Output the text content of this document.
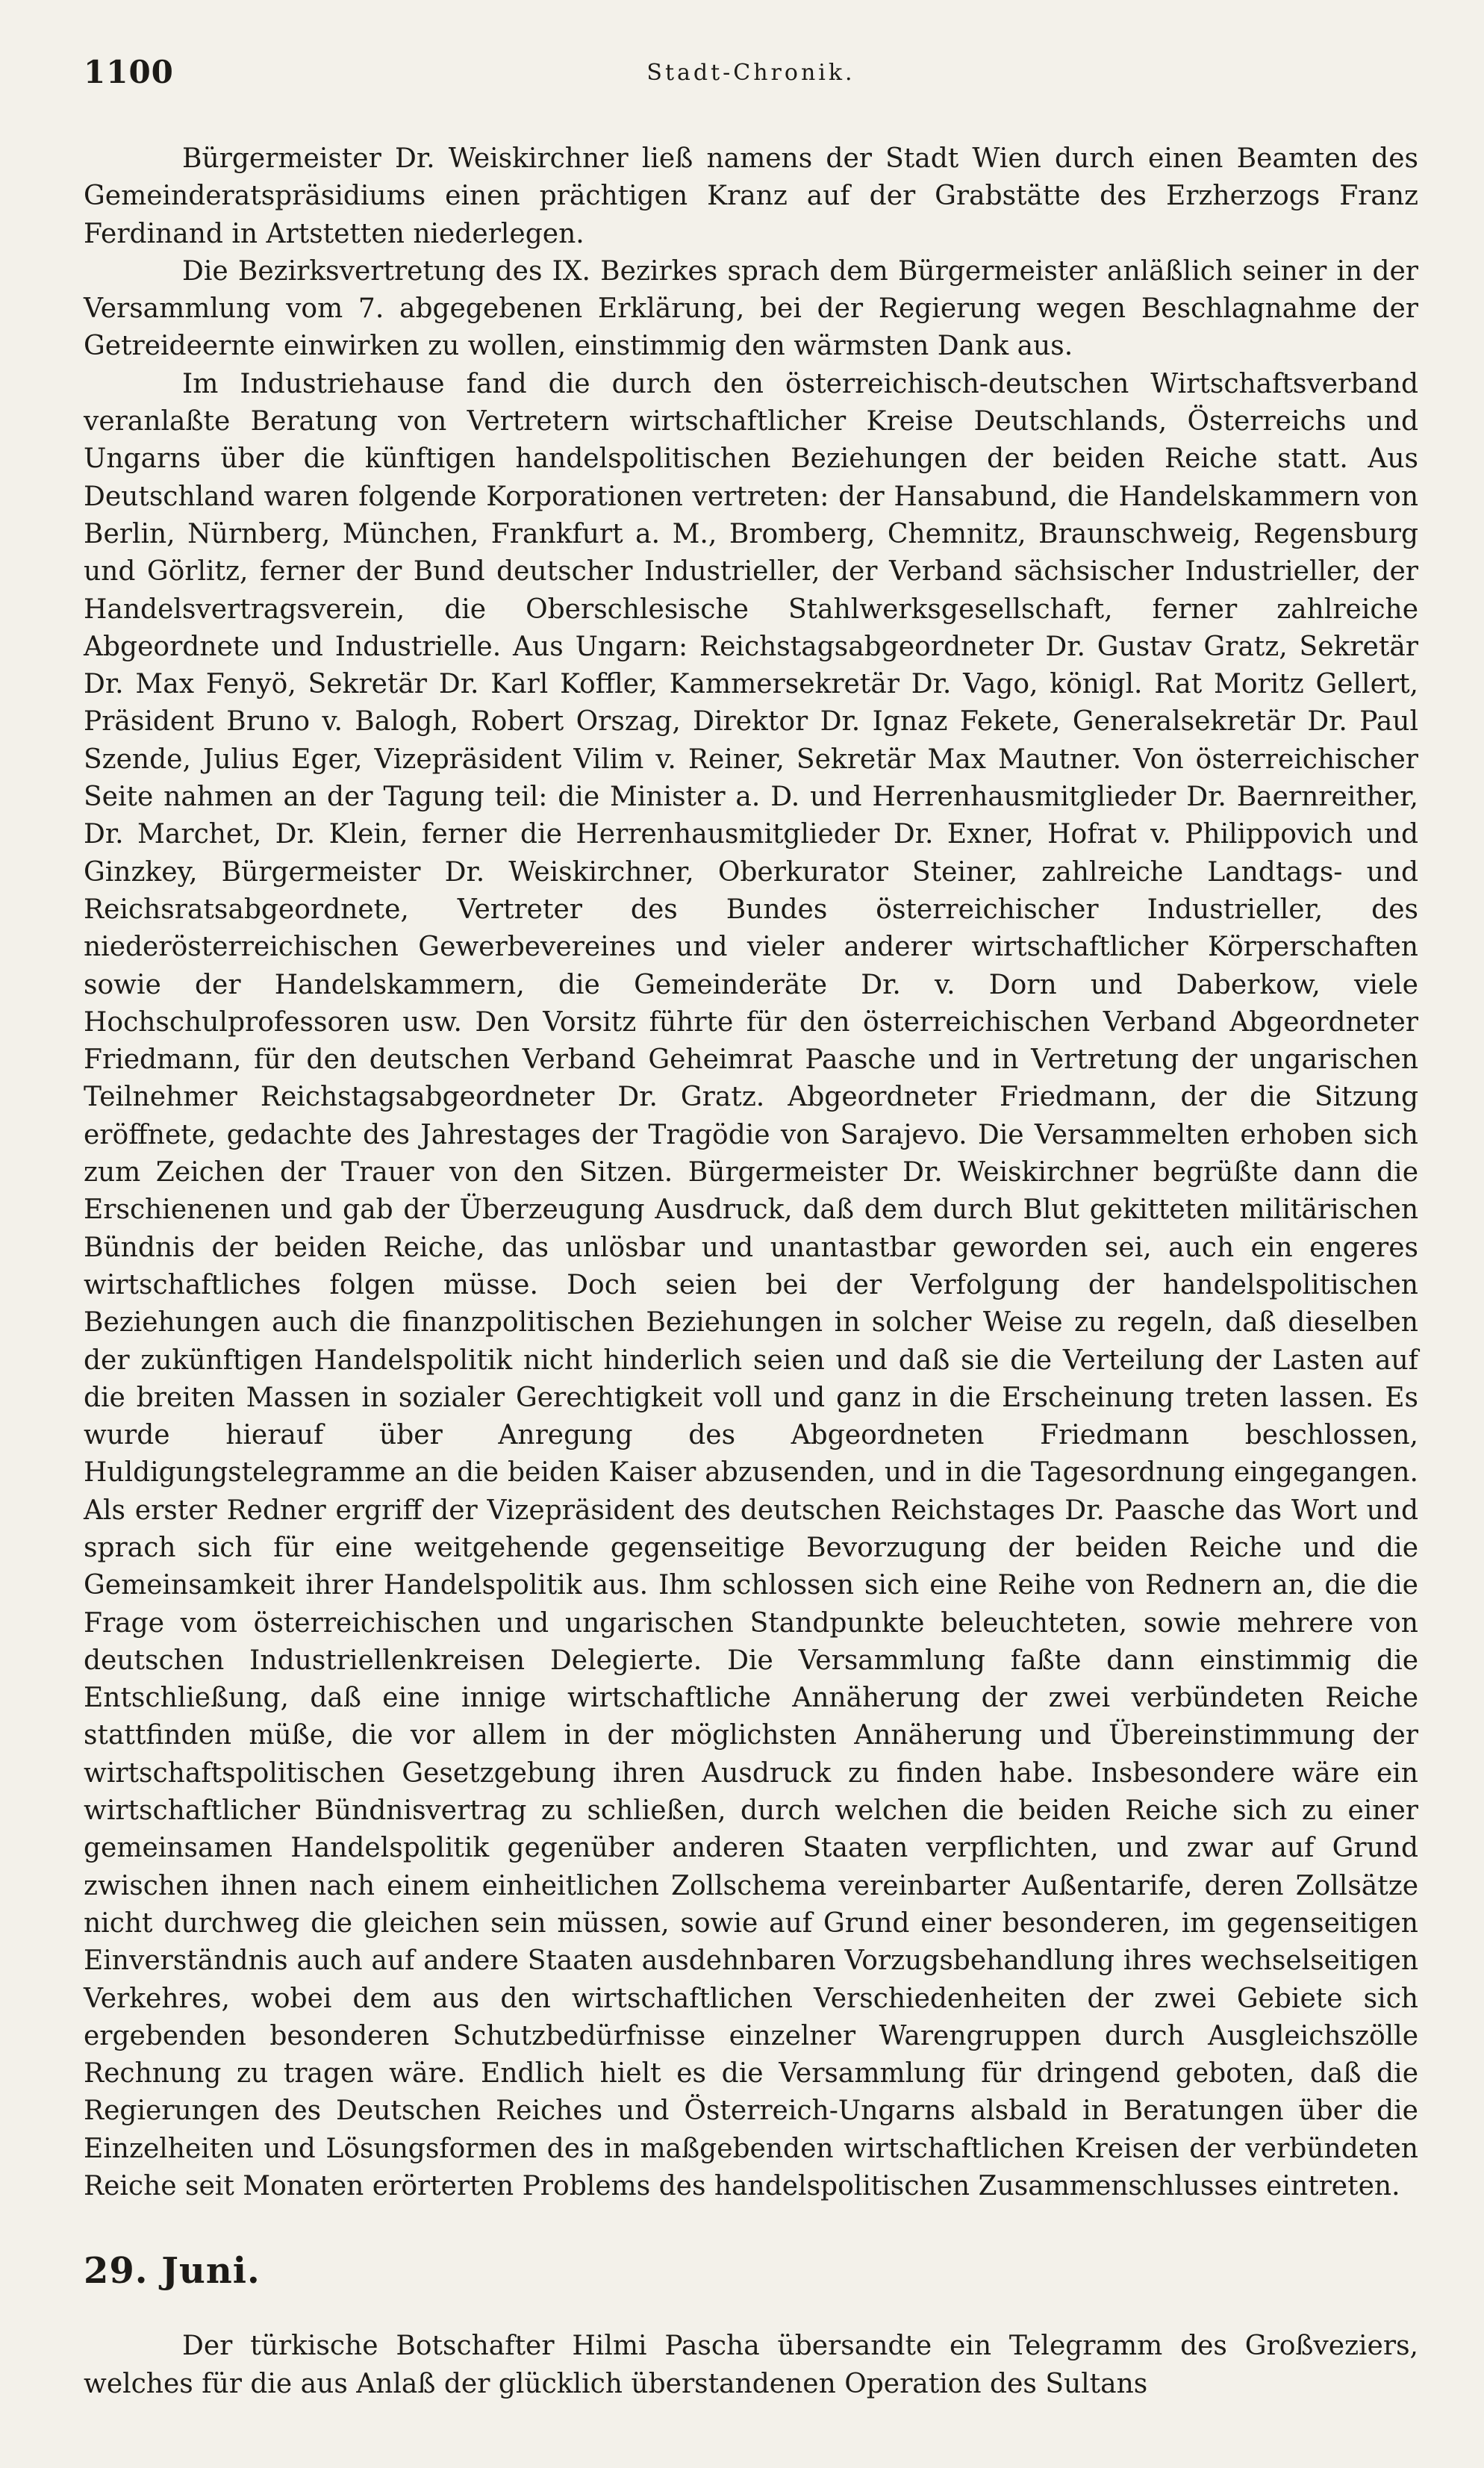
1100	Stadt-Chronik.

Bürgermeister Dr. Weiskirchner ließ namens der Stadt Wien durch einen Beamten des Gemeinderatspräsidiums einen prächtigen Kranz auf der Grabstätte des Erzherzogs Franz Ferdinand in Artstetten niederlegen.

Die Bezirksvertretung des IX. Bezirkes sprach dem Bürgermeister anläßlich seiner in der Versammlung vom 7. abgegebenen Erklärung, bei der Regierung wegen Beschlagnahme der Getreideernte einwirken zu wollen, einstimmig den wärmsten Dank aus.

Im Industriehause fand die durch den österreichisch-deutschen Wirtschaftsverband veranlaßte Beratung von Vertretern wirtschaftlicher Kreise Deutschlands, Österreichs und Ungarns über die künftigen handelspolitischen Beziehungen der beiden Reiche statt. Aus Deutschland waren folgende Korporationen vertreten: der Hansabund, die Handelskammern von Berlin, Nürnberg, München, Frankfurt a. M., Bromberg, Chemnitz, Braunschweig, Regensburg und Görlitz, ferner der Bund deutscher Industrieller, der Verband sächsischer Industrieller, der Handelsvertragsverein, die Oberschlesische Stahlwerksgesellschaft, ferner zahlreiche Abgeordnete und Industrielle. Aus Ungarn: Reichstagsabgeordneter Dr. Gustav Gratz, Sekretär Dr. Max Fenyö, Sekretär Dr. Karl Koffler, Kammersekretär Dr. Vago, königl. Rat Moritz Gellert, Präsident Bruno v. Balogh, Robert Orszag, Direktor Dr. Ignaz Fekete, Generalsekretär Dr. Paul Szende, Julius Eger, Vizepräsident Vilim v. Reiner, Sekretär Max Mautner. Von österreichischer Seite nahmen an der Tagung teil: die Minister a. D. und Herrenhausmitglieder Dr. Baernreither, Dr. Marchet, Dr. Klein, ferner die Herrenhausmitglieder Dr. Exner, Hofrat v. Philippovich und Ginzkey, Bürgermeister Dr. Weiskirchner, Oberkurator Steiner, zahlreiche Landtags- und Reichsratsabgeordnete, Vertreter des Bundes österreichischer Industrieller, des niederösterreichischen Gewerbevereines und vieler anderer wirtschaftlicher Körperschaften sowie der Handelskammern, die Gemeinderäte Dr. v. Dorn und Daberkow, viele Hochschulprofessoren usw. Den Vorsitz führte für den österreichischen Verband Abgeordneter Friedmann, für den deutschen Verband Geheimrat Paasche und in Vertretung der ungarischen Teilnehmer Reichstagsabgeordneter Dr. Gratz. Abgeordneter Friedmann, der die Sitzung eröffnete, gedachte des Jahrestages der Tragödie von Sarajevo. Die Versammelten erhoben sich zum Zeichen der Trauer von den Sitzen. Bürgermeister Dr. Weiskirchner begrüßte dann die Erschienenen und gab der Überzeugung Ausdruck, daß dem durch Blut gekitteten militärischen Bündnis der beiden Reiche, das unlösbar und unantastbar geworden sei, auch ein engeres wirtschaftliches folgen müsse. Doch seien bei der Verfolgung der handelspolitischen Beziehungen auch die finanzpolitischen Beziehungen in solcher Weise zu regeln, daß dieselben der zukünftigen Handelspolitik nicht hinderlich seien und daß sie die Verteilung der Lasten auf die breiten Massen in sozialer Gerechtigkeit voll und ganz in die Erscheinung treten lassen. Es wurde hierauf über Anregung des Abgeordneten Friedmann beschlossen, Huldigungstelegramme an die beiden Kaiser abzusenden, und in die Tagesordnung eingegangen. Als erster Redner ergriff der Vizepräsident des deutschen Reichstages Dr. Paasche das Wort und sprach sich für eine weitgehende gegenseitige Bevorzugung der beiden Reiche und die Gemeinsamkeit ihrer Handelspolitik aus. Ihm schlossen sich eine Reihe von Rednern an, die die Frage vom österreichischen und ungarischen Standpunkte beleuchteten, sowie mehrere von deutschen Industriellenkreisen Delegierte. Die Versammlung faßte dann einstimmig die Entschließung, daß eine innige wirtschaftliche Annäherung der zwei verbündeten Reiche stattfinden müße, die vor allem in der möglichsten Annäherung und Übereinstimmung der wirtschaftspolitischen Gesetzgebung ihren Ausdruck zu finden habe. Insbesondere wäre ein wirtschaftlicher Bündnisvertrag zu schließen, durch welchen die beiden Reiche sich zu einer gemeinsamen Handelspolitik gegenüber anderen Staaten verpflichten, und zwar auf Grund zwischen ihnen nach einem einheitlichen Zollschema vereinbarter Außentarife, deren Zollsätze nicht durchweg die gleichen sein müssen, sowie auf Grund einer besonderen, im gegenseitigen Einverständnis auch auf andere Staaten ausdehnbaren Vorzugsbehandlung ihres wechselseitigen Verkehres, wobei dem aus den wirtschaftlichen Verschiedenheiten der zwei Gebiete sich ergebenden besonderen Schutzbedürfnisse einzelner Warengruppen durch Ausgleichszölle Rechnung zu tragen wäre. Endlich hielt es die Versammlung für dringend geboten, daß die Regierungen des Deutschen Reiches und Österreich-Ungarns alsbald in Beratungen über die Einzelheiten und Lösungsformen des in maßgebenden wirtschaftlichen Kreisen der verbündeten Reiche seit Monaten erörterten Problems des handelspolitischen Zusammenschlusses eintreten.

29. Juni.

Der türkische Botschafter Hilmi Pascha übersandte ein Telegramm des Großveziers, welches für die aus Anlaß der glücklich überstandenen Operation des Sultans
